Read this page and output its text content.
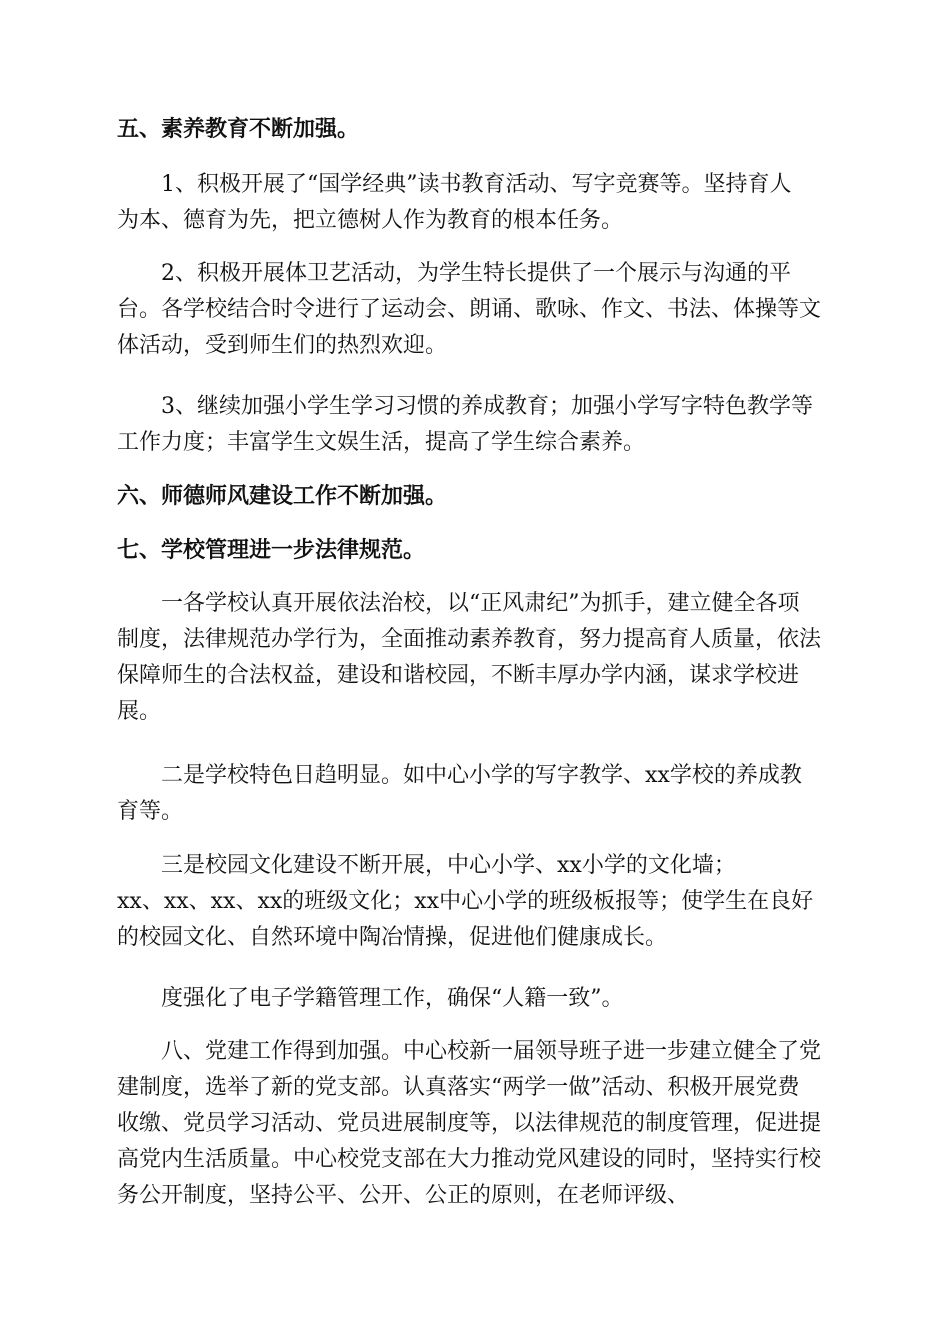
五、素养教育不断加强。
1、积极开展了“国学经典”读书教育活动、写字竞赛等。坚持育人
为本、德育为先，把立德树人作为教育的根本任务。
2、积极开展体卫艺活动，为学生特长提供了一个展示与沟通的平
台。各学校结合时令进行了运动会、朗诵、歌咏、作文、书法、体操等文
体活动，受到师生们的热烈欢迎。
3、继续加强小学生学习习惯的养成教育；加强小学写字特色教学等
工作力度；丰富学生文娱生活，提高了学生综合素养。
六、师德师风建设工作不断加强。
七、学校管理进一步法律规范。
一各学校认真开展依法治校，以“正风肃纪”为抓手，建立健全各项
制度，法律规范办学行为，全面推动素养教育，努力提高育人质量，依法
保障师生的合法权益，建设和谐校园，不断丰厚办学内涵，谋求学校进
展。
二是学校特色日趋明显。如中心小学的写字教学、xx学校的养成教
育等。
三是校园文化建设不断开展，中心小学、xx小学的文化墙；
xx、xx、xx、xx的班级文化；xx中心小学的班级板报等；使学生在良好
的校园文化、自然环境中陶冶情操，促进他们健康成长。
度强化了电子学籍管理工作，确保“人籍一致”。
八、党建工作得到加强。中心校新一届领导班子进一步建立健全了党
建制度，选举了新的党支部。认真落实“两学一做”活动、积极开展党费
收缴、党员学习活动、党员进展制度等，以法律规范的制度管理，促进提
高党内生活质量。中心校党支部在大力推动党风建设的同时，坚持实行校
务公开制度，坚持公平、公开、公正的原则，在老师评级、
